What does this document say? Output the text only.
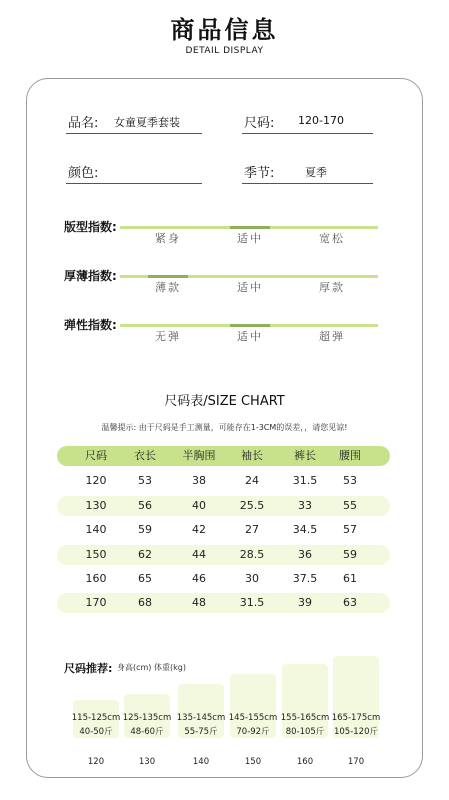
商品信息
DETAIL DISPLAY
品名: 女童夏季套装	尺码: 120-170
颜色:	季节:	夏季
版型指数:
紧身	适中	宽松
厚薄指数:
薄款	适中	厚款
弹性指数:
无弹	适中	超弹
尺码表/SIZE CHART
温馨提示: 由于尺码是手工测量，可能存在1-3CM的误差，，请您见谅!
尺码	衣长	半胸围	袖长	裤长	腰围
120	53	38	24	31.5	53
130	56	40	25.5	33	55
140	59	42	27	34.5	57
150	62	44	28.5	36	59
160	65	46	30	37.5	61
170	68	48	31.5	39	63
尺码推荐: 身高(cm) 体重(kg)
115-125cm
40-50斤
120
125-135cm
48-60斤
130
135-145cm
55-75斤
140
145-155cm
70-92斤
150
155-165cm
80-105斤
160
165-175cm
105-120斤
170
